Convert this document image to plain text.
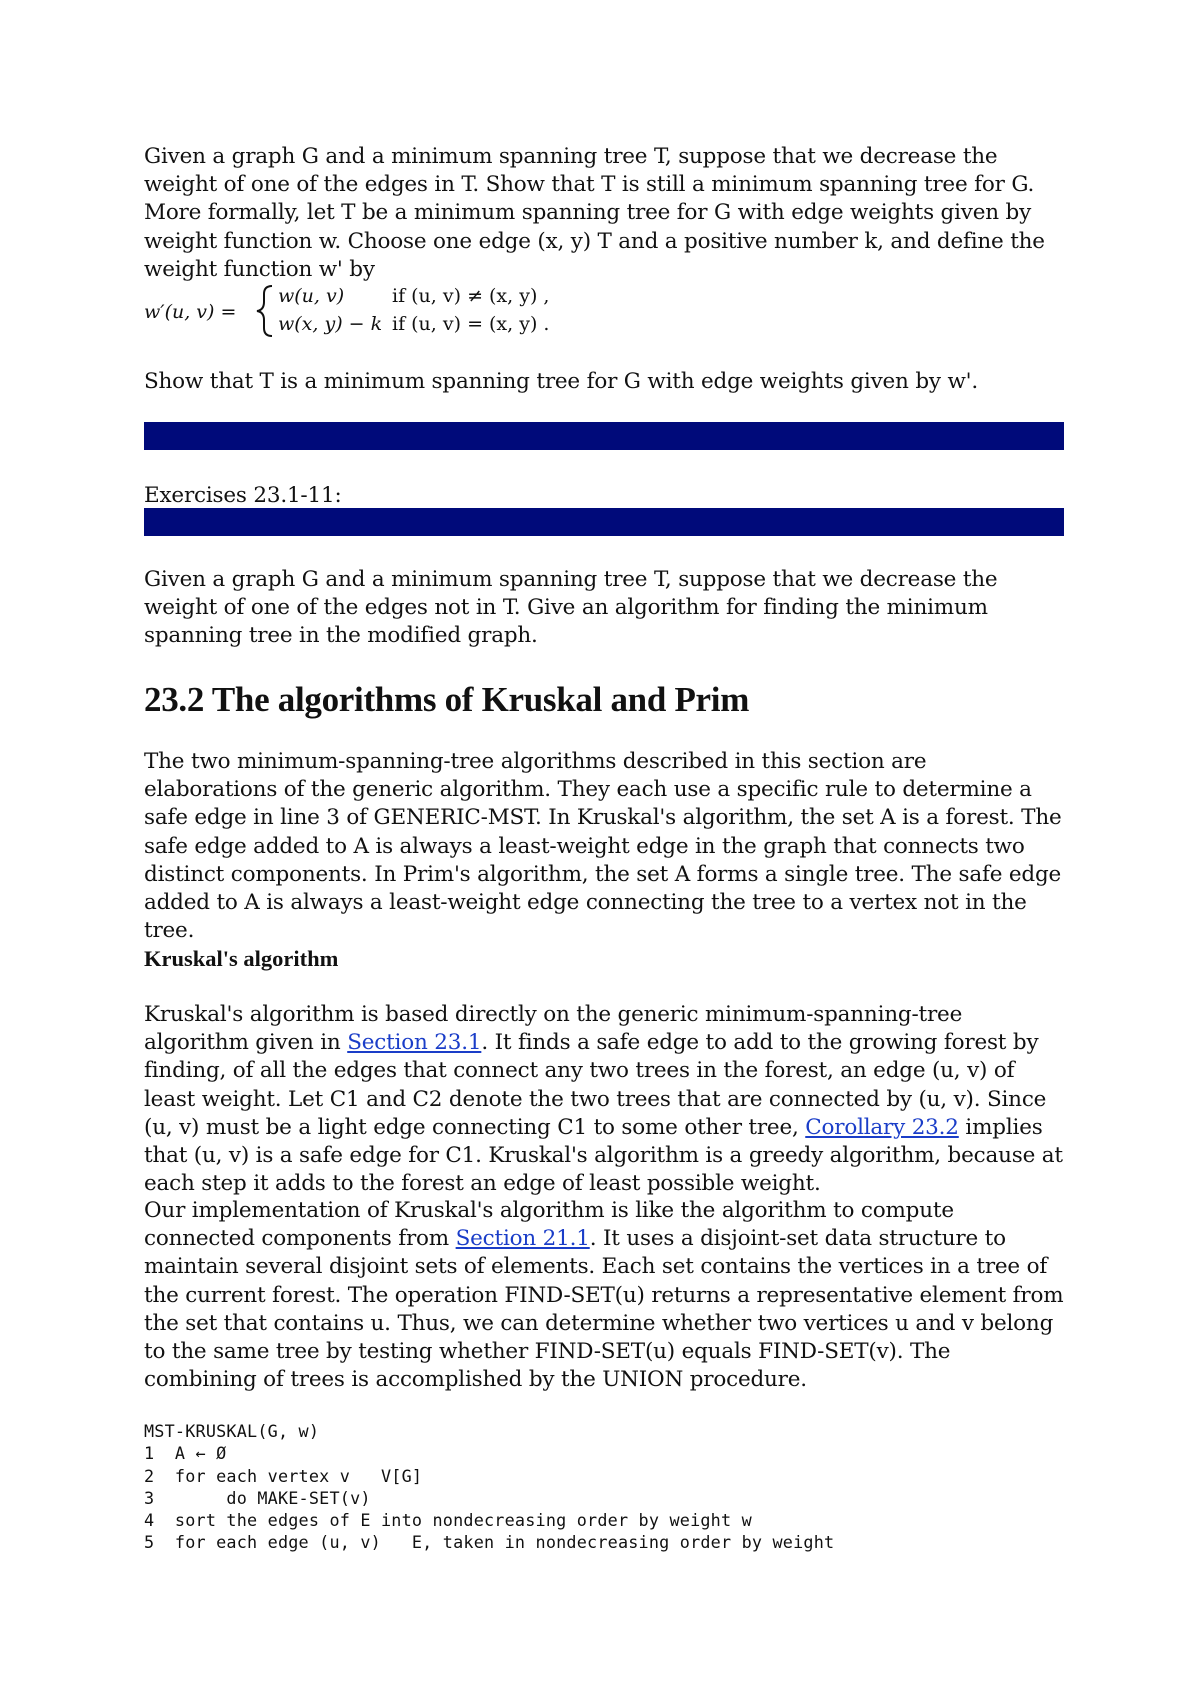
Given a graph G and a minimum spanning tree T, suppose that we decrease the weight of one of the edges in T. Show that T is still a minimum spanning tree for G. More formally, let T be a minimum spanning tree for G with edge weights given by weight function w. Choose one edge (x, y) T and a positive number k, and define the weight function w' by

w′(u, v) =
w(u, v)	if (u, v) ≠ (x, y) ,
w(x, y) − k if (u, v) = (x, y) .

Show that T is a minimum spanning tree for G with edge weights given by w'.

Exercises 23.1-11:

Given a graph G and a minimum spanning tree T, suppose that we decrease the weight of one of the edges not in T. Give an algorithm for finding the minimum spanning tree in the modified graph.

23.2 The algorithms of Kruskal and Prim

The two minimum-spanning-tree algorithms described in this section are elaborations of the generic algorithm. They each use a specific rule to determine a safe edge in line 3 of GENERIC-MST. In Kruskal's algorithm, the set A is a forest. The safe edge added to A is always a least-weight edge in the graph that connects two distinct components. In Prim's algorithm, the set A forms a single tree. The safe edge added to A is always a least-weight edge connecting the tree to a vertex not in the tree.

Kruskal's algorithm

Kruskal's algorithm is based directly on the generic minimum-spanning-tree algorithm given in Section 23.1. It finds a safe edge to add to the growing forest by finding, of all the edges that connect any two trees in the forest, an edge (u, v) of least weight. Let C1 and C2 denote the two trees that are connected by (u, v). Since (u, v) must be a light edge connecting C1 to some other tree, Corollary 23.2 implies that (u, v) is a safe edge for C1. Kruskal's algorithm is a greedy algorithm, because at each step it adds to the forest an edge of least possible weight.

Our implementation of Kruskal's algorithm is like the algorithm to compute connected components from Section 21.1. It uses a disjoint-set data structure to maintain several disjoint sets of elements. Each set contains the vertices in a tree of the current forest. The operation FIND-SET(u) returns a representative element from the set that contains u. Thus, we can determine whether two vertices u and v belong to the same tree by testing whether FIND-SET(u) equals FIND-SET(v). The combining of trees is accomplished by the UNION procedure.

MST-KRUSKAL(G, w)
1  A ← Ø
2  for each vertex v   V[G]
3       do MAKE-SET(v)
4  sort the edges of E into nondecreasing order by weight w
5  for each edge (u, v)   E, taken in nondecreasing order by weight
